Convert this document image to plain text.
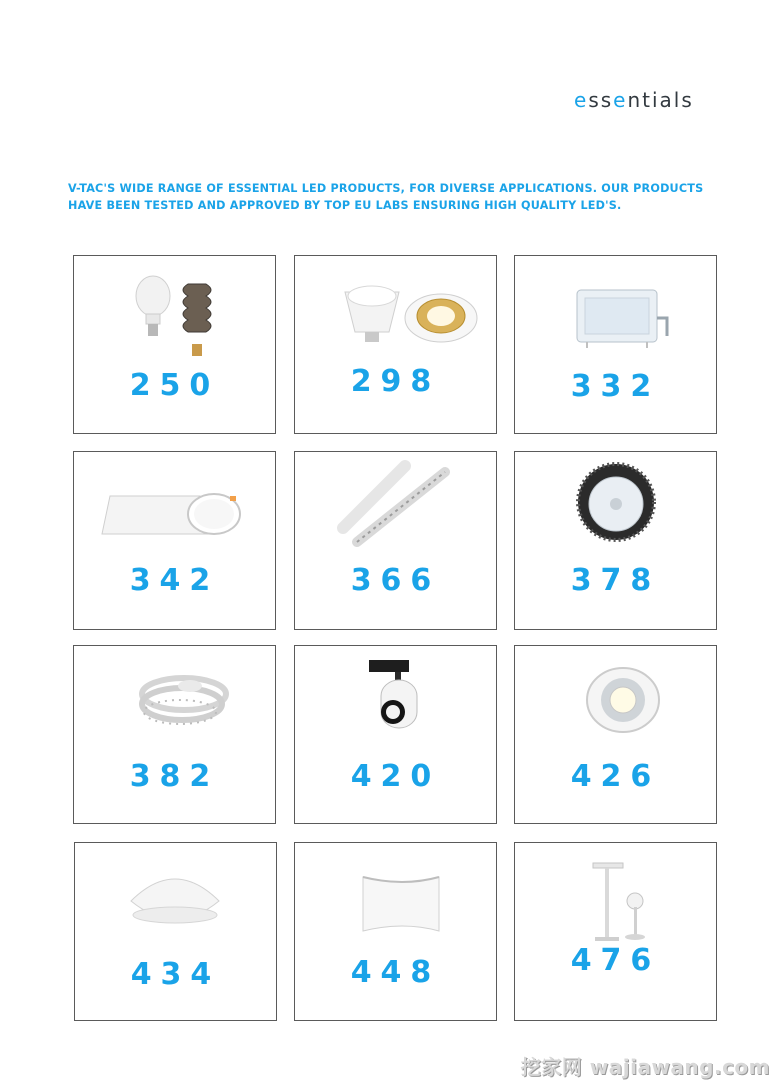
essentials
V-TAC'S WIDE RANGE OF ESSENTIAL LED PRODUCTS, FOR DIVERSE APPLICATIONS. OUR PRODUCTS HAVE BEEN TESTED AND APPROVED BY TOP EU LABS ENSURING HIGH QUALITY LED'S.
250	298	332
342	366	378
382	420	426
434	448	476
挖家网 wajiawang.com
